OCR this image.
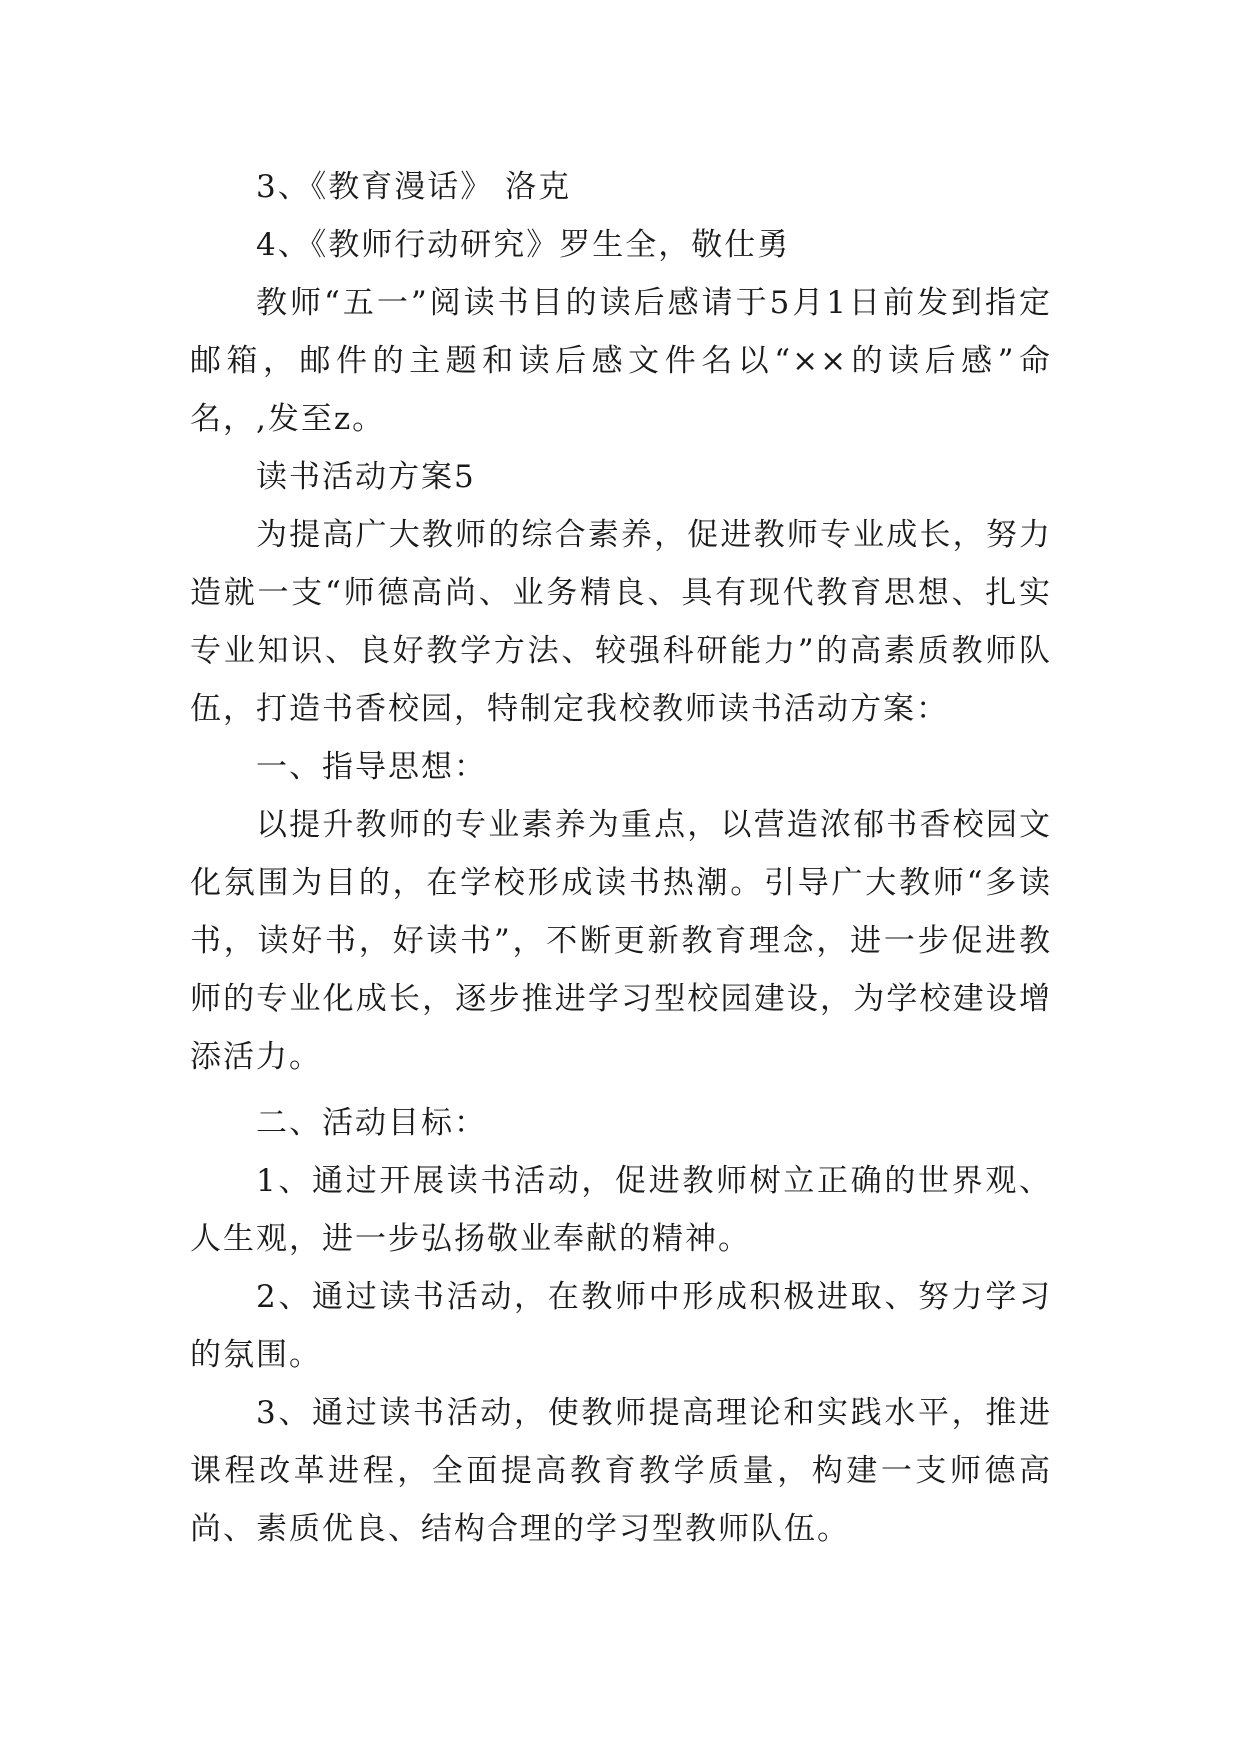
3、《教育漫话》 洛克

4、《教师行动研究》罗生全，敬仕勇

教师“五一”阅读书目的读后感请于5月1日前发到指定邮箱，邮件的主题和读后感文件名以“××的读后感”命名，,发至z。

读书活动方案5

为提高广大教师的综合素养，促进教师专业成长，努力造就一支“师德高尚、业务精良、具有现代教育思想、扎实专业知识、良好教学方法、较强科研能力”的高素质教师队伍，打造书香校园，特制定我校教师读书活动方案：

一、指导思想：

以提升教师的专业素养为重点，以营造浓郁书香校园文化氛围为目的，在学校形成读书热潮。引导广大教师“多读书，读好书，好读书”，不断更新教育理念，进一步促进教师的专业化成长，逐步推进学习型校园建设，为学校建设增添活力。

二、活动目标：

1、通过开展读书活动，促进教师树立正确的世界观、人生观，进一步弘扬敬业奉献的精神。

2、通过读书活动，在教师中形成积极进取、努力学习的氛围。

3、通过读书活动，使教师提高理论和实践水平，推进课程改革进程，全面提高教育教学质量，构建一支师德高尚、素质优良、结构合理的学习型教师队伍。
